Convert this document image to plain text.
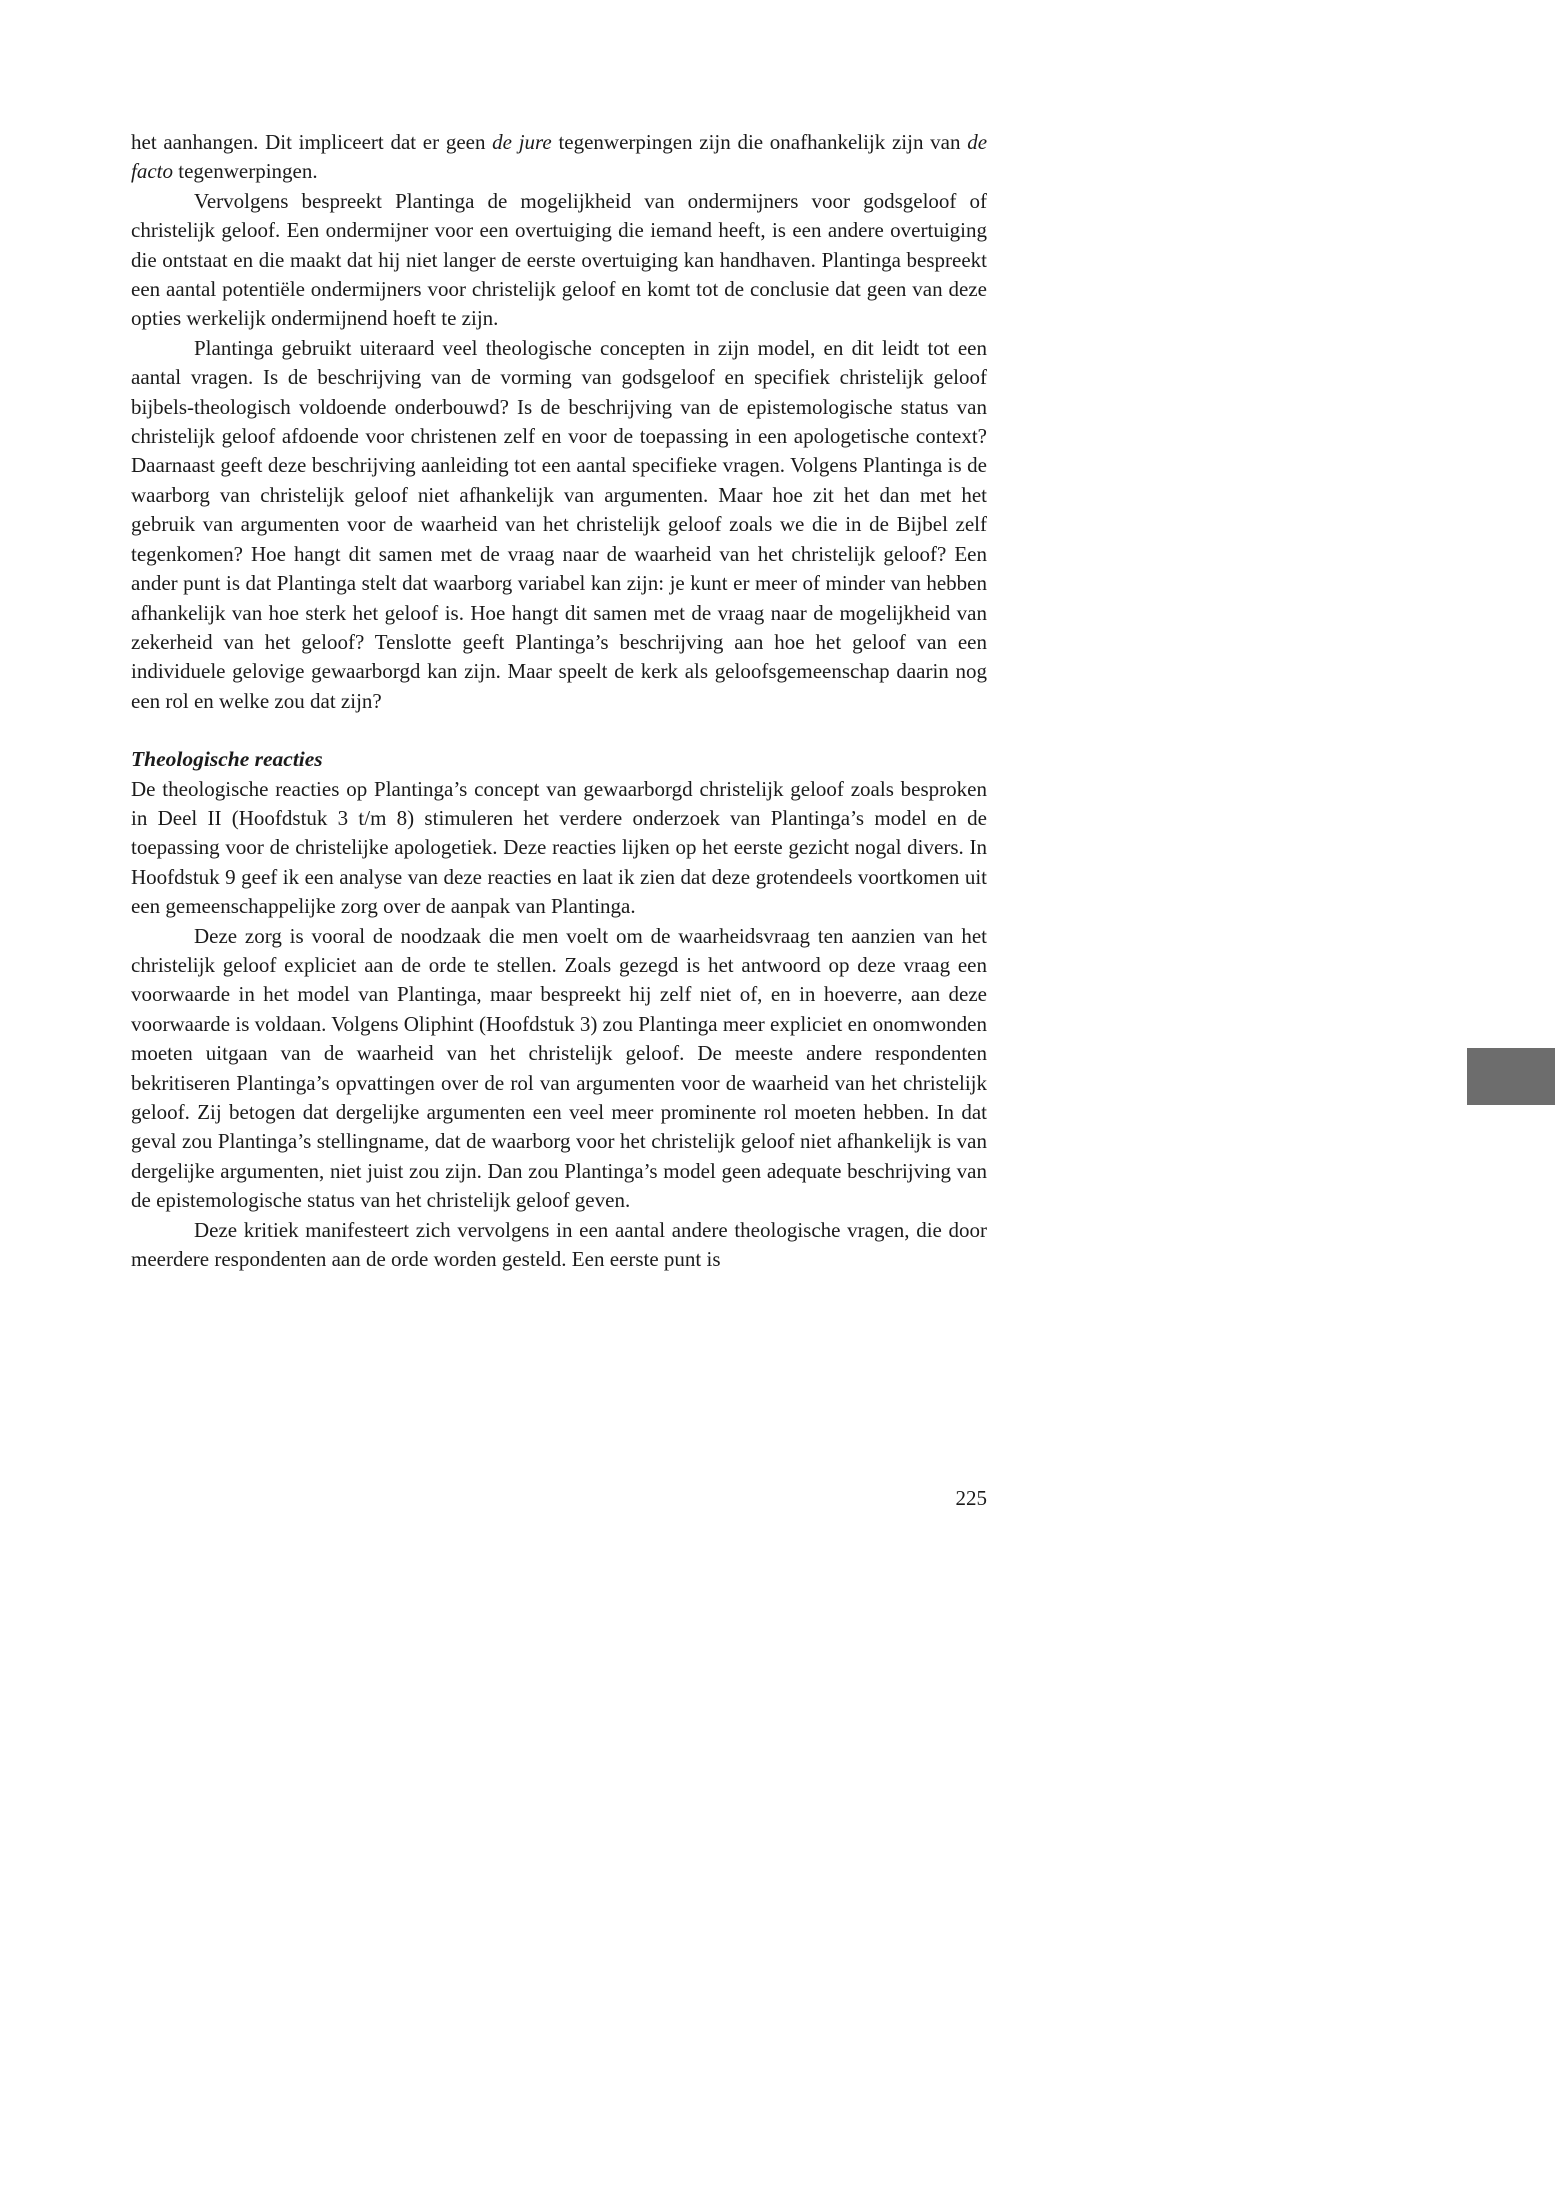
het aanhangen. Dit impliceert dat er geen de jure tegenwerpingen zijn die onafhankelijk zijn van de facto tegenwerpingen.

Vervolgens bespreekt Plantinga de mogelijkheid van ondermijners voor godsgeloof of christelijk geloof. Een ondermijner voor een overtuiging die iemand heeft, is een andere overtuiging die ontstaat en die maakt dat hij niet langer de eerste overtuiging kan handhaven. Plantinga bespreekt een aantal potentiële ondermijners voor christelijk geloof en komt tot de conclusie dat geen van deze opties werkelijk ondermijnend hoeft te zijn.

Plantinga gebruikt uiteraard veel theologische concepten in zijn model, en dit leidt tot een aantal vragen. Is de beschrijving van de vorming van godsgeloof en specifiek christelijk geloof bijbels-theologisch voldoende onderbouwd? Is de beschrijving van de epistemologische status van christelijk geloof afdoende voor christenen zelf en voor de toepassing in een apologetische context? Daarnaast geeft deze beschrijving aanleiding tot een aantal specifieke vragen. Volgens Plantinga is de waarborg van christelijk geloof niet afhankelijk van argumenten. Maar hoe zit het dan met het gebruik van argumenten voor de waarheid van het christelijk geloof zoals we die in de Bijbel zelf tegenkomen? Hoe hangt dit samen met de vraag naar de waarheid van het christelijk geloof? Een ander punt is dat Plantinga stelt dat waarborg variabel kan zijn: je kunt er meer of minder van hebben afhankelijk van hoe sterk het geloof is. Hoe hangt dit samen met de vraag naar de mogelijkheid van zekerheid van het geloof? Tenslotte geeft Plantinga’s beschrijving aan hoe het geloof van een individuele gelovige gewaarborgd kan zijn. Maar speelt de kerk als geloofsgemeenschap daarin nog een rol en welke zou dat zijn?

Theologische reacties

De theologische reacties op Plantinga’s concept van gewaarborgd christelijk geloof zoals besproken in Deel II (Hoofdstuk 3 t/m 8) stimuleren het verdere onderzoek van Plantinga’s model en de toepassing voor de christelijke apologetiek. Deze reacties lijken op het eerste gezicht nogal divers. In Hoofdstuk 9 geef ik een analyse van deze reacties en laat ik zien dat deze grotendeels voortkomen uit een gemeenschappelijke zorg over de aanpak van Plantinga.

Deze zorg is vooral de noodzaak die men voelt om de waarheidsvraag ten aanzien van het christelijk geloof expliciet aan de orde te stellen. Zoals gezegd is het antwoord op deze vraag een voorwaarde in het model van Plantinga, maar bespreekt hij zelf niet of, en in hoeverre, aan deze voorwaarde is voldaan. Volgens Oliphint (Hoofdstuk 3) zou Plantinga meer expliciet en onomwonden moeten uitgaan van de waarheid van het christelijk geloof. De meeste andere respondenten bekritiseren Plantinga’s opvattingen over de rol van argumenten voor de waarheid van het christelijk geloof. Zij betogen dat dergelijke argumenten een veel meer prominente rol moeten hebben. In dat geval zou Plantinga’s stellingname, dat de waarborg voor het christelijk geloof niet afhankelijk is van dergelijke argumenten, niet juist zou zijn. Dan zou Plantinga’s model geen adequate beschrijving van de epistemologische status van het christelijk geloof geven.

Deze kritiek manifesteert zich vervolgens in een aantal andere theologische vragen, die door meerdere respondenten aan de orde worden gesteld. Een eerste punt is

225
